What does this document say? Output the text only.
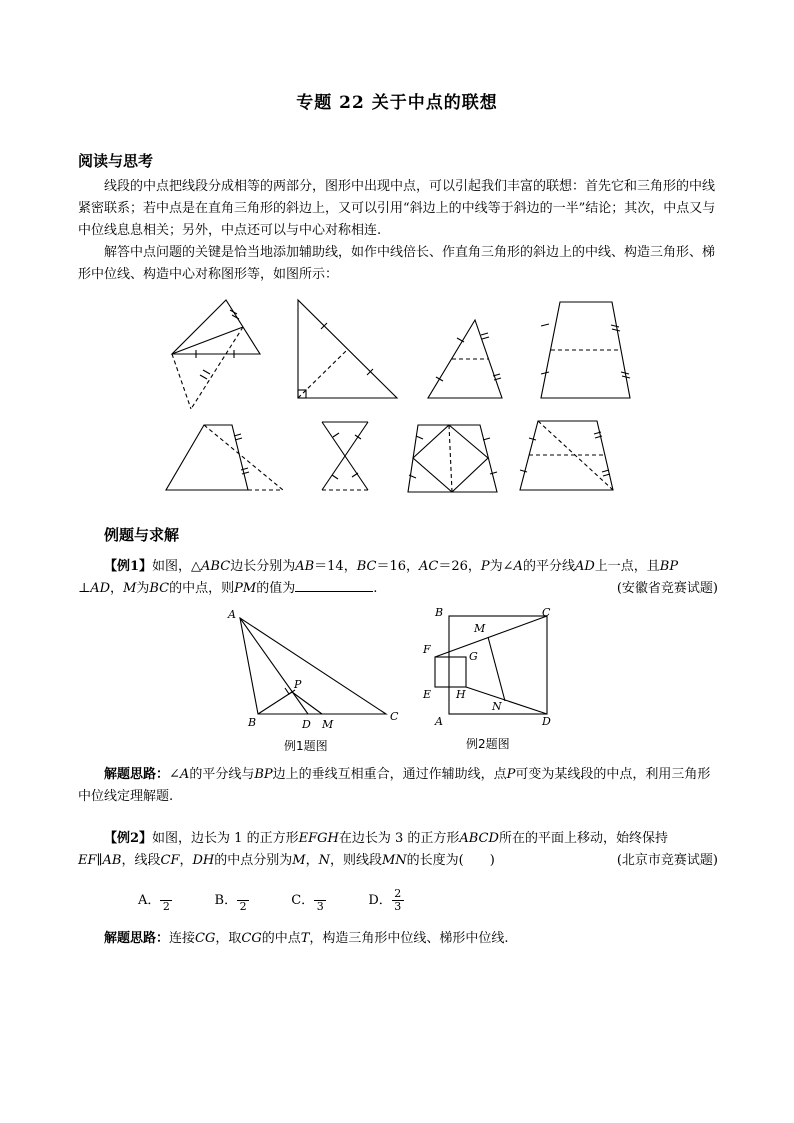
专题 22 关于中点的联想
阅读与思考
线段的中点把线段分成相等的两部分，图形中出现中点，可以引起我们丰富的联想：首先它和三角形的中线紧密联系；若中点是在直角三角形的斜边上，又可以引用“斜边上的中线等于斜边的一半”结论；其次，中点又与中位线息息相关；另外，中点还可以与中心对称相连.
解答中点问题的关键是恰当地添加辅助线，如作中线倍长、作直角三角形的斜边上的中线、构造三角形、梯形中位线、构造中心对称图形等，如图所示：
例题与求解
【例1】如图，△ABC边长分别为AB＝14，BC＝16，AC＝26，P为∠A的平分线AD上一点，且BP
⊥AD，M为BC的中点，则PM的值为	.	(安徽省竞赛试题)
A
B	C
D M
P
例1题图
B	C
A	D
F
E
G
H
M
N
例2题图
解题思路：∠A的平分线与BP边上的垂线互相重合，通过作辅助线，点P可变为某线段的中点，利用三角形中位线定理解题.
【例2】如图，边长为 1 的正方形EFGH在边长为 3 的正方形ABCD所在的平面上移动，始终保持EF∥AB，线段CF，DH的中点分别为M，N，则线段MN的长度为(　　)	(北京市竞赛试题)
A． 2	B． 2	C． 3	D． $\frac{2}{3}$
解题思路：连接CG，取CG的中点T，构造三角形中位线、梯形中位线.
